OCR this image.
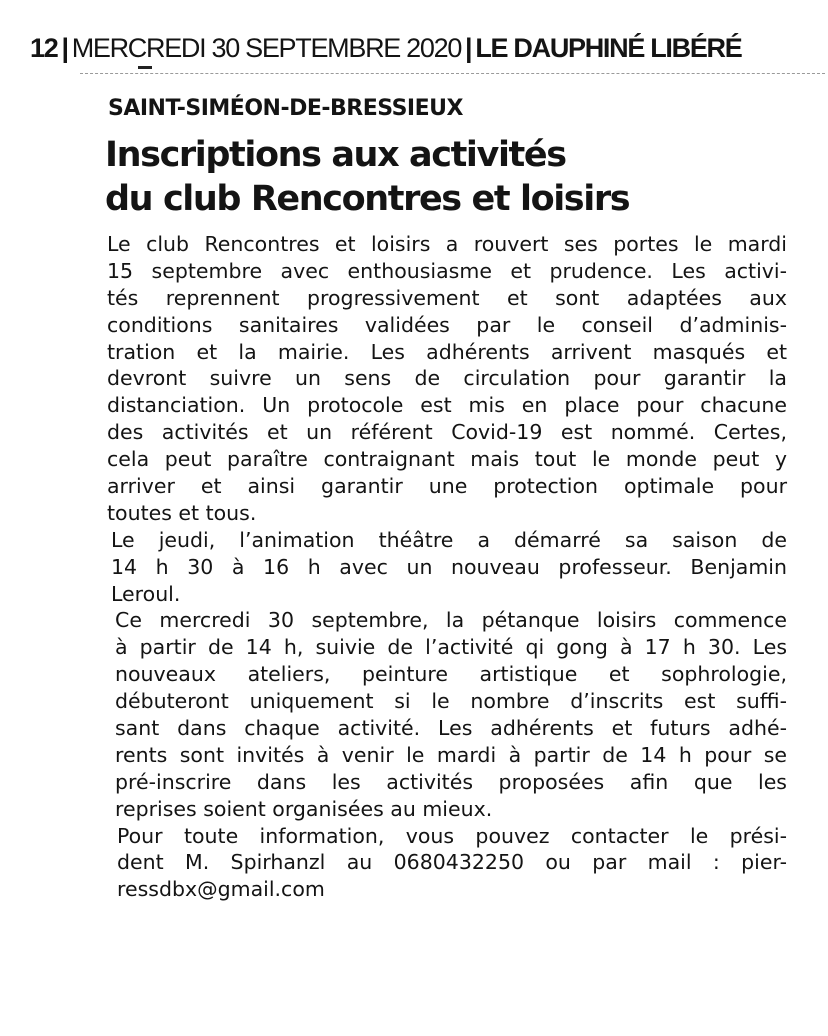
12 | MERCREDI 30 SEPTEMBRE 2020 | LE DAUPHINÉ LIBÉRÉ
SAINT-SIMÉON-DE-BRESSIEUX
Inscriptions aux activités
du club Rencontres et loisirs
Le club Rencontres et loisirs a rouvert ses portes le mardi
15 septembre avec enthousiasme et prudence. Les activi-
tés reprennent progressivement et sont adaptées aux
conditions sanitaires validées par le conseil d’adminis-
tration et la mairie. Les adhérents arrivent masqués et
devront suivre un sens de circulation pour garantir la
distanciation. Un protocole est mis en place pour chacune
des activités et un référent Covid-19 est nommé. Certes,
cela peut paraître contraignant mais tout le monde peut y
arriver et ainsi garantir une protection optimale pour
toutes et tous.
Le jeudi, l’animation théâtre a démarré sa saison de
14 h 30 à 16 h avec un nouveau professeur. Benjamin
Leroul.
Ce mercredi 30 septembre, la pétanque loisirs commence
à partir de 14 h, suivie de l’activité qi gong à 17 h 30. Les
nouveaux ateliers, peinture artistique et sophrologie,
débuteront uniquement si le nombre d’inscrits est suffi-
sant dans chaque activité. Les adhérents et futurs adhé-
rents sont invités à venir le mardi à partir de 14 h pour se
pré-inscrire dans les activités proposées afin que les
reprises soient organisées au mieux.
Pour toute information, vous pouvez contacter le prési-
dent M. Spirhanzl au 0680432250 ou par mail : pier-
ressdbx@gmail.com
